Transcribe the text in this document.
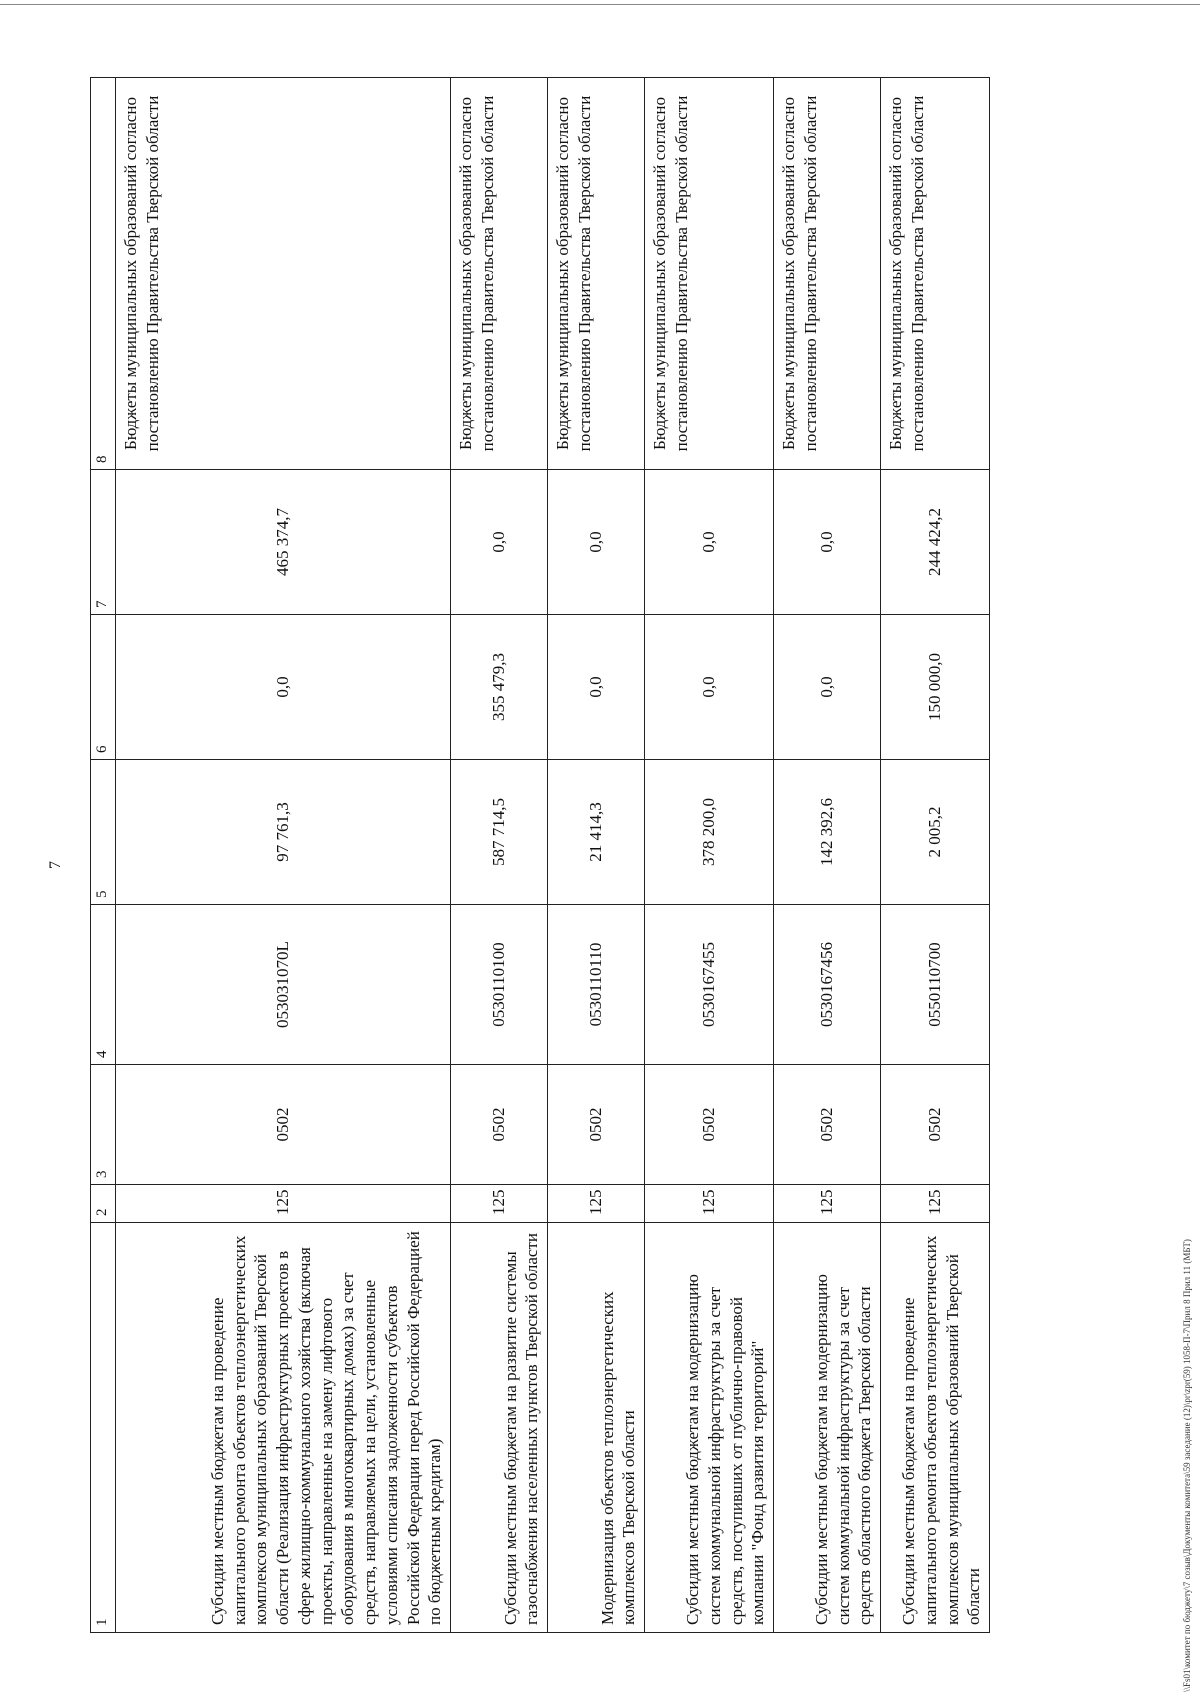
7
\\Fs01\комитет по бюджету\7 созыв\Документы комитета\59 заседание (12)\pr\zpr(59) 1058-П-7\Прил 8 Прил 11 (МБТ)
1	2	3	4	5	6	7	8
Субсидии местным бюджетам на проведение капитального ремонта объектов теплоэнергетических комплексов муниципальных образований Тверской области (Реализация инфраструктурных проектов в сфере жилищно-коммунального хозяйства (включая проекты, направленные на замену лифтового оборудования в многоквартирных домах) за счет средств, направляемых на цели, установленные условиями списания задолженности субъектов Российской Федерации перед Российской Федерацией по бюджетным кредитам)	125	0502	053031070L	97 761,3	0,0	465 374,7	Бюджеты муниципальных образований согласно постановлению Правительства Тверской области
Субсидии местным бюджетам на развитие системы газоснабжения населенных пунктов Тверской области	125	0502	0530110100	587 714,5	355 479,3	0,0	Бюджеты муниципальных образований согласно постановлению Правительства Тверской области
Модернизация объектов теплоэнергетических комплексов Тверской области	125	0502	0530110110	21 414,3	0,0	0,0	Бюджеты муниципальных образований согласно постановлению Правительства Тверской области
Субсидии местным бюджетам на модернизацию систем коммунальной инфраструктуры за счет средств, поступивших от публично-правовой компании "Фонд развития территорий"	125	0502	0530167455	378 200,0	0,0	0,0	Бюджеты муниципальных образований согласно постановлению Правительства Тверской области
Субсидии местным бюджетам на модернизацию систем коммунальной инфраструктуры за счет средств областного бюджета Тверской области	125	0502	0530167456	142 392,6	0,0	0,0	Бюджеты муниципальных образований согласно постановлению Правительства Тверской области
Субсидии местным бюджетам на проведение капитального ремонта объектов теплоэнергетических комплексов муниципальных образований Тверской области	125	0502	0550110700	2 005,2	150 000,0	244 424,2	Бюджеты муниципальных образований согласно постановлению Правительства Тверской области
